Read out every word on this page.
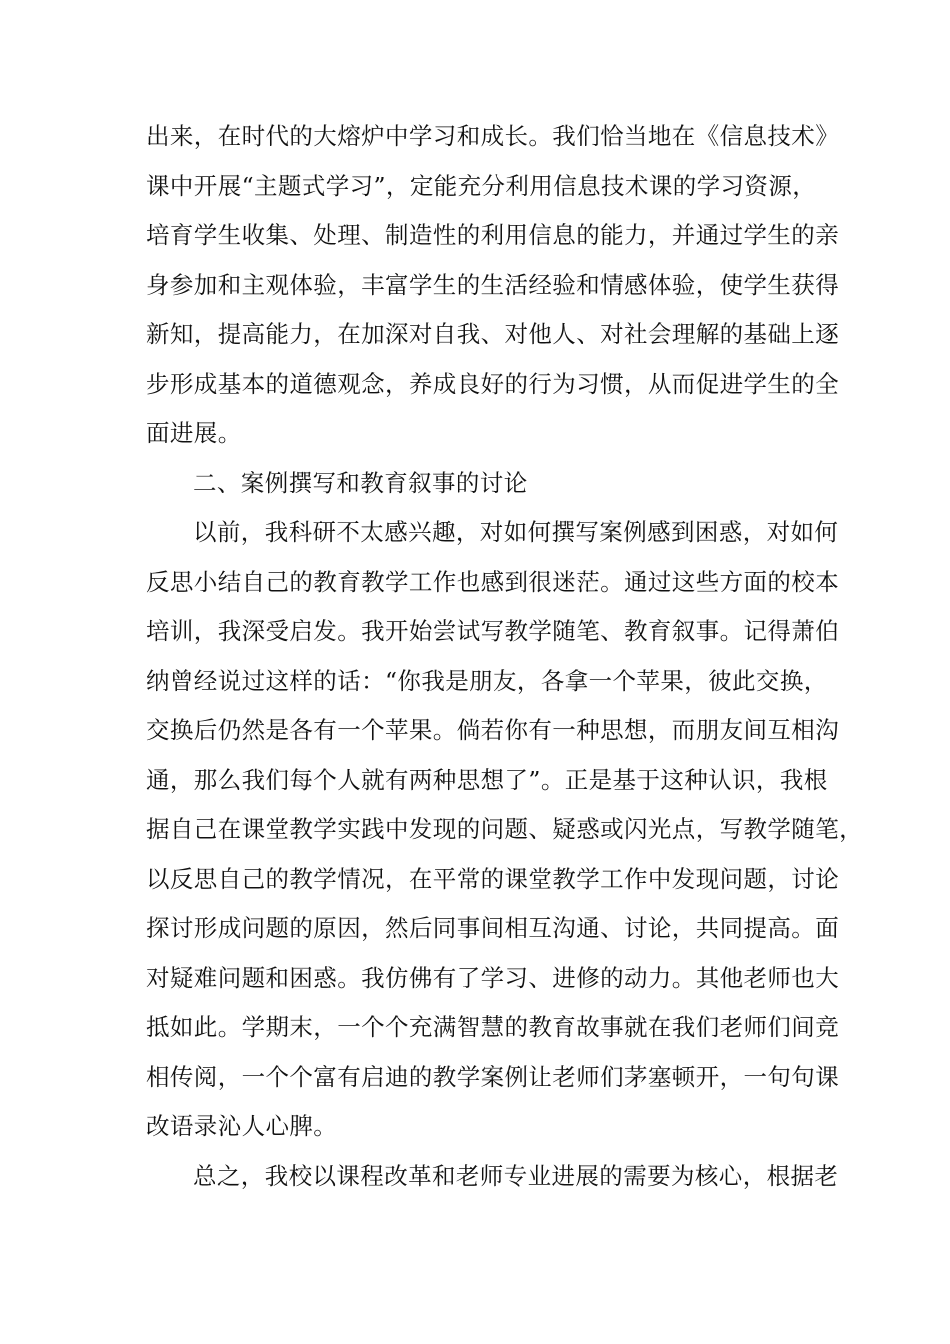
出来，在时代的大熔炉中学习和成长。我们恰当地在《信息技术》
课中开展“主题式学习”，定能充分利用信息技术课的学习资源，
培育学生收集、处理、制造性的利用信息的能力，并通过学生的亲
身参加和主观体验，丰富学生的生活经验和情感体验，使学生获得
新知，提高能力，在加深对自我、对他人、对社会理解的基础上逐
步形成基本的道德观念，养成良好的行为习惯，从而促进学生的全
面进展。
二、案例撰写和教育叙事的讨论
以前，我科研不太感兴趣，对如何撰写案例感到困惑，对如何
反思小结自己的教育教学工作也感到很迷茫。通过这些方面的校本
培训，我深受启发。我开始尝试写教学随笔、教育叙事。记得萧伯
纳曾经说过这样的话：“你我是朋友，各拿一个苹果，彼此交换，
交换后仍然是各有一个苹果。倘若你有一种思想，而朋友间互相沟
通，那么我们每个人就有两种思想了”。正是基于这种认识，我根
据自己在课堂教学实践中发现的问题、疑惑或闪光点，写教学随笔，
以反思自己的教学情况，在平常的课堂教学工作中发现问题，讨论
探讨形成问题的原因，然后同事间相互沟通、讨论，共同提高。面
对疑难问题和困惑。我仿佛有了学习、进修的动力。其他老师也大
抵如此。学期末，一个个充满智慧的教育故事就在我们老师们间竞
相传阅，一个个富有启迪的教学案例让老师们茅塞顿开，一句句课
改语录沁人心脾。
总之，我校以课程改革和老师专业进展的需要为核心，根据老
